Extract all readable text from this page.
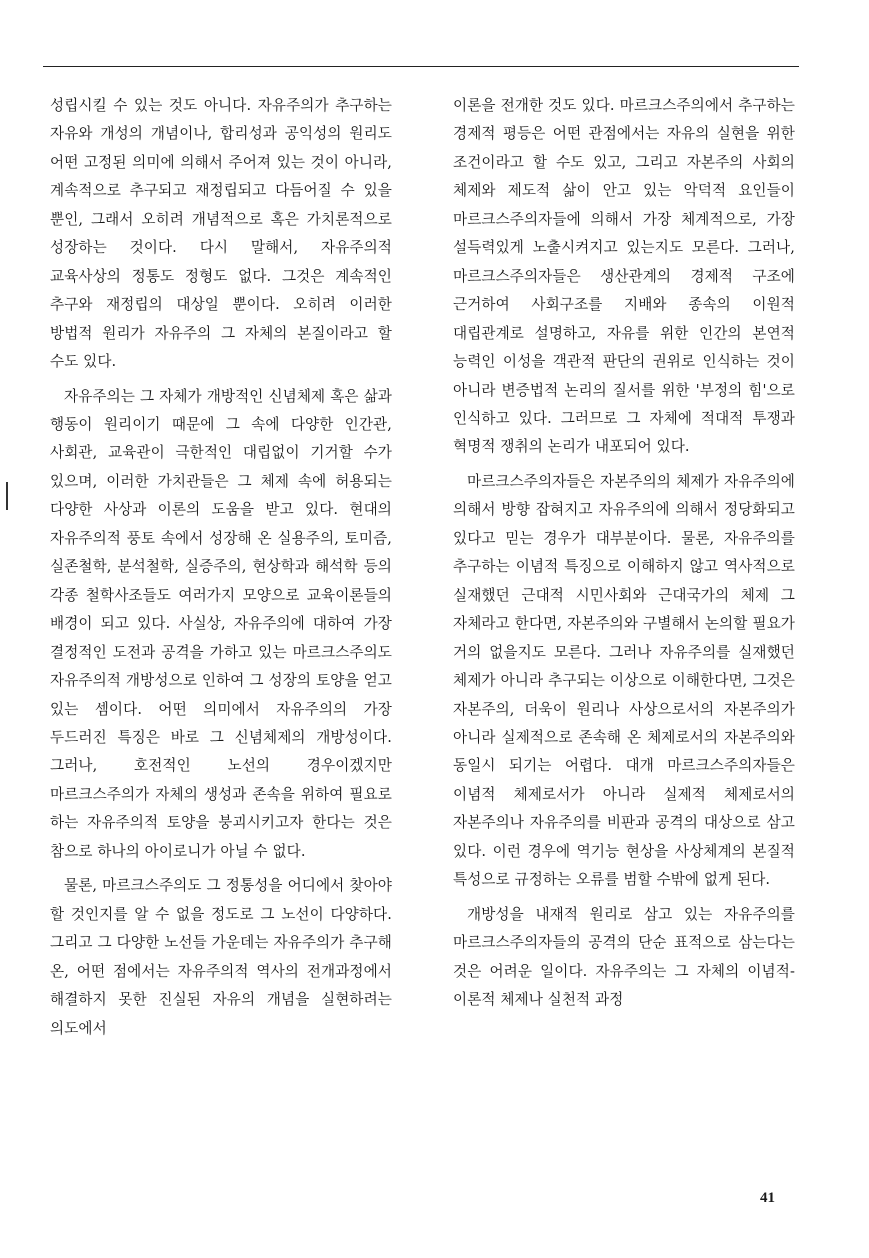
성립시킬 수 있는 것도 아니다. 자유주의가 추구하는 자유와 개성의 개념이나, 합리성과 공익성의 원리도 어떤 고정된 의미에 의해서 주어져 있는 것이 아니라, 계속적으로 추구되고 재정립되고 다듬어질 수 있을 뿐인, 그래서 오히려 개념적으로 혹은 가치론적으로 성장하는 것이다. 다시 말해서, 자유주의적 교육사상의 정통도 정형도 없다. 그것은 계속적인 추구와 재정립의 대상일 뿐이다. 오히려 이러한 방법적 원리가 자유주의 그 자체의 본질이라고 할 수도 있다.

자유주의는 그 자체가 개방적인 신념체제 혹은 삶과 행동이 원리이기 때문에 그 속에 다양한 인간관, 사회관, 교육관이 극한적인 대립없이 기거할 수가 있으며, 이러한 가치관들은 그 체제 속에 허용되는 다양한 사상과 이론의 도움을 받고 있다. 현대의 자유주의적 풍토 속에서 성장해 온 실용주의, 토미즘, 실존철학, 분석철학, 실증주의, 현상학과 해석학 등의 각종 철학사조들도 여러가지 모양으로 교육이론들의 배경이 되고 있다. 사실상, 자유주의에 대하여 가장 결정적인 도전과 공격을 가하고 있는 마르크스주의도 자유주의적 개방성으로 인하여 그 성장의 토양을 얻고 있는 셈이다. 어떤 의미에서 자유주의의 가장 두드러진 특징은 바로 그 신념체제의 개방성이다. 그러나, 호전적인 노선의 경우이겠지만 마르크스주의가 자체의 생성과 존속을 위하여 필요로 하는 자유주의적 토양을 붕괴시키고자 한다는 것은 참으로 하나의 아이로니가 아닐 수 없다.

물론, 마르크스주의도 그 정통성을 어디에서 찾아야 할 것인지를 알 수 없을 정도로 그 노선이 다양하다. 그리고 그 다양한 노선들 가운데는 자유주의가 추구해 온, 어떤 점에서는 자유주의적 역사의 전개과정에서 해결하지 못한 진실된 자유의 개념을 실현하려는 의도에서

이론을 전개한 것도 있다. 마르크스주의에서 추구하는 경제적 평등은 어떤 관점에서는 자유의 실현을 위한 조건이라고 할 수도 있고, 그리고 자본주의 사회의 체제와 제도적 삶이 안고 있는 악덕적 요인들이 마르크스주의자들에 의해서 가장 체계적으로, 가장 설득력있게 노출시켜지고 있는지도 모른다. 그러나, 마르크스주의자들은 생산관계의 경제적 구조에 근거하여 사회구조를 지배와 종속의 이원적 대립관계로 설명하고, 자유를 위한 인간의 본연적 능력인 이성을 객관적 판단의 권위로 인식하는 것이 아니라 변증법적 논리의 질서를 위한 '부정의 힘'으로 인식하고 있다. 그러므로 그 자체에 적대적 투쟁과 혁명적 쟁취의 논리가 내포되어 있다.

마르크스주의자들은 자본주의의 체제가 자유주의에 의해서 방향 잡혀지고 자유주의에 의해서 정당화되고 있다고 믿는 경우가 대부분이다. 물론, 자유주의를 추구하는 이념적 특징으로 이해하지 않고 역사적으로 실재했던 근대적 시민사회와 근대국가의 체제 그 자체라고 한다면, 자본주의와 구별해서 논의할 필요가 거의 없을지도 모른다. 그러나 자유주의를 실재했던 체제가 아니라 추구되는 이상으로 이해한다면, 그것은 자본주의, 더욱이 원리나 사상으로서의 자본주의가 아니라 실제적으로 존속해 온 체제로서의 자본주의와 동일시 되기는 어렵다. 대개 마르크스주의자들은 이념적 체제로서가 아니라 실제적 체제로서의 자본주의나 자유주의를 비판과 공격의 대상으로 삼고 있다. 이런 경우에 역기능 현상을 사상체계의 본질적 특성으로 규정하는 오류를 범할 수밖에 없게 된다.

개방성을 내재적 원리로 삼고 있는 자유주의를 마르크스주의자들의 공격의 단순 표적으로 삼는다는 것은 어려운 일이다. 자유주의는 그 자체의 이념적-이론적 체제나 실천적 과정

41
